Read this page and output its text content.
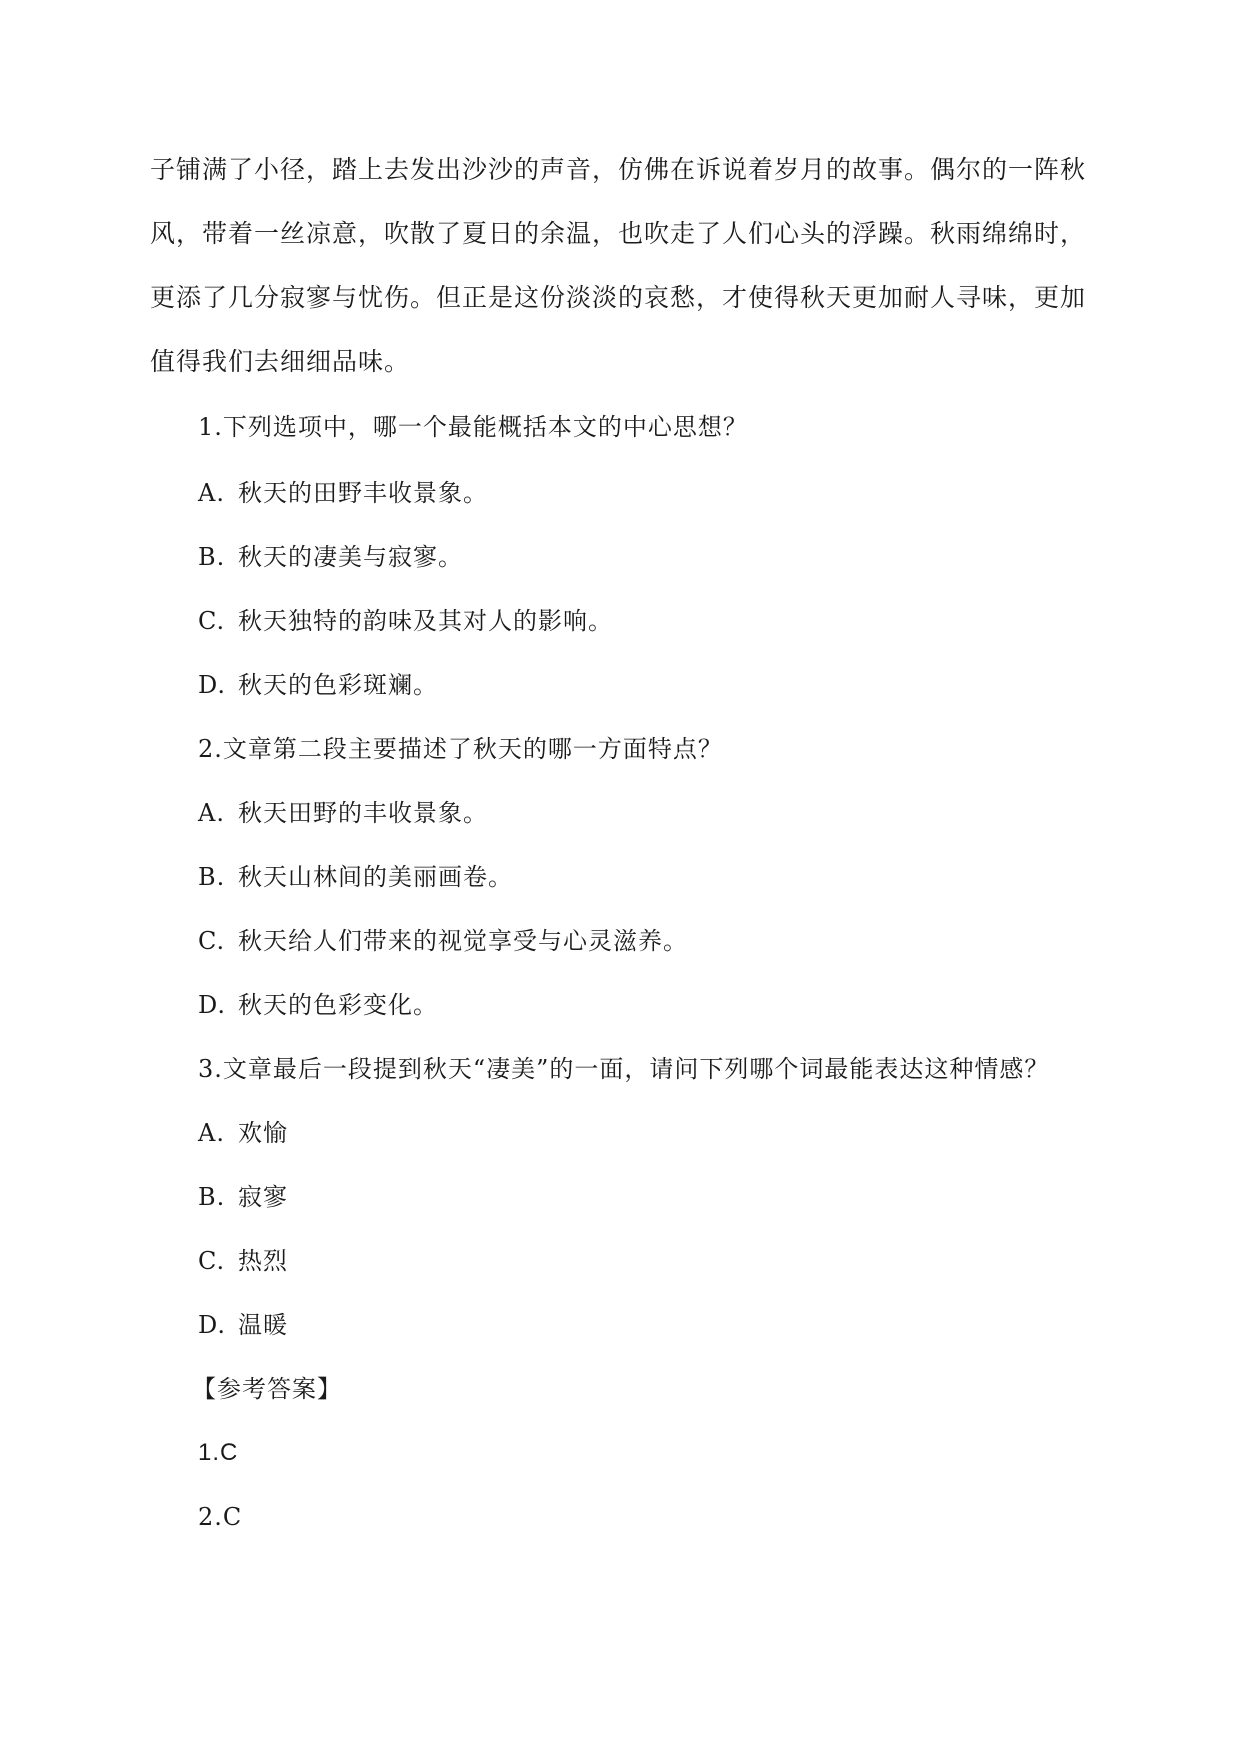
子铺满了小径，踏上去发出沙沙的声音，仿佛在诉说着岁月的故事。偶尔的一阵秋风，带着一丝凉意，吹散了夏日的余温，也吹走了人们心头的浮躁。秋雨绵绵时，更添了几分寂寥与忧伤。但正是这份淡淡的哀愁，才使得秋天更加耐人寻味，更加值得我们去细细品味。

1.下列选项中，哪一个最能概括本文的中心思想？
A. 秋天的田野丰收景象。
B. 秋天的凄美与寂寥。
C. 秋天独特的韵味及其对人的影响。
D. 秋天的色彩斑斓。
2.文章第二段主要描述了秋天的哪一方面特点？
A. 秋天田野的丰收景象。
B. 秋天山林间的美丽画卷。
C. 秋天给人们带来的视觉享受与心灵滋养。
D. 秋天的色彩变化。
3.文章最后一段提到秋天“凄美”的一面，请问下列哪个词最能表达这种情感？
A. 欢愉
B. 寂寥
C. 热烈
D. 温暖
【参考答案】
1.C
2.C
